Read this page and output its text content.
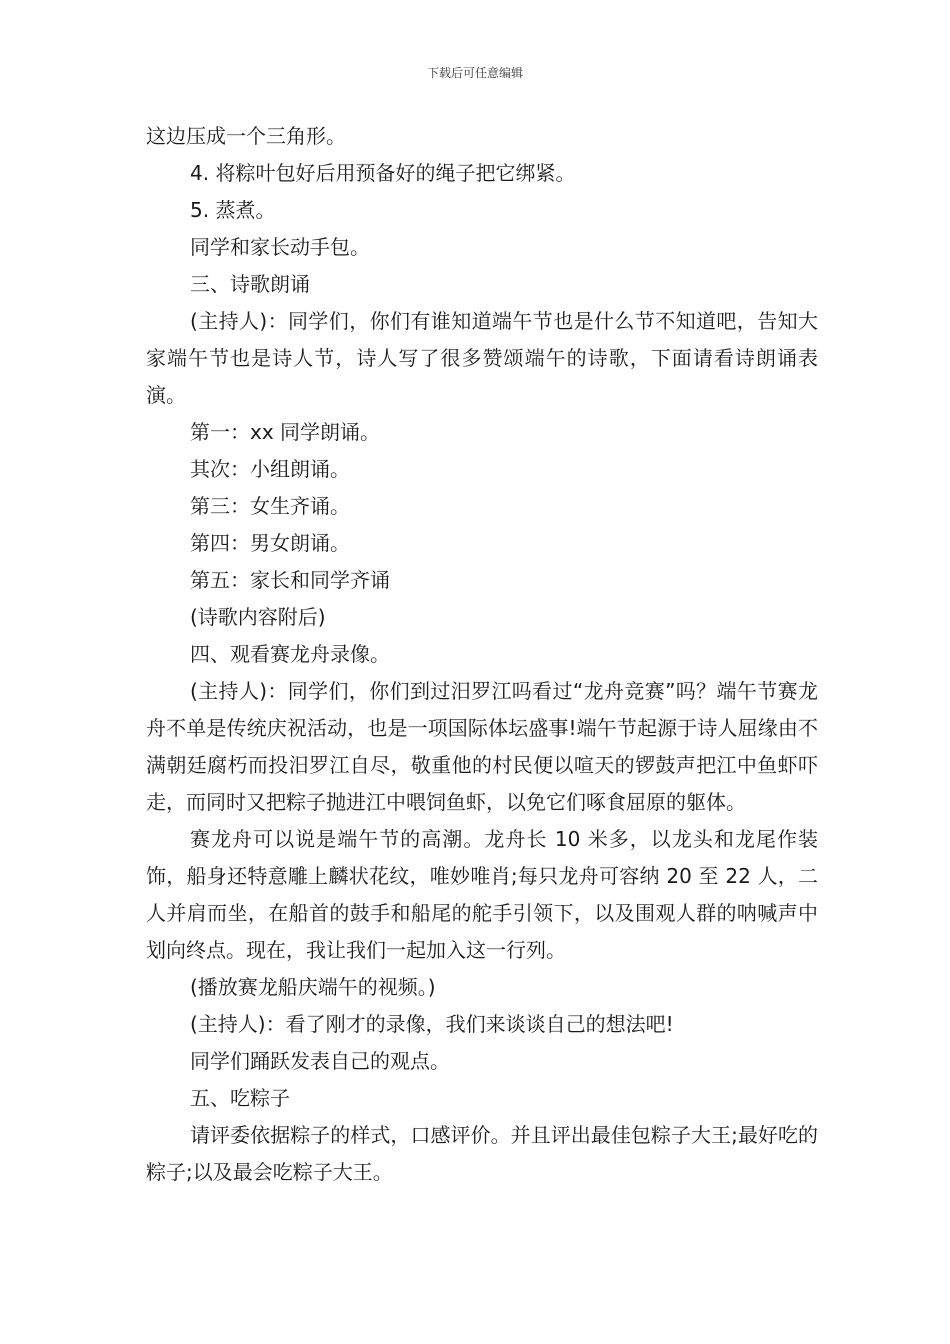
下载后可任意编辑

这边压成一个三角形。

4. 将粽叶包好后用预备好的绳子把它绑紧。

5. 蒸煮。

同学和家长动手包。

三、诗歌朗诵

(主持人)：同学们，你们有谁知道端午节也是什么节不知道吧，告知大家端午节也是诗人节，诗人写了很多赞颂端午的诗歌，下面请看诗朗诵表演。

第一：xx 同学朗诵。

其次：小组朗诵。

第三：女生齐诵。

第四：男女朗诵。

第五：家长和同学齐诵

(诗歌内容附后)

四、观看赛龙舟录像。

(主持人)：同学们，你们到过汨罗江吗看过“龙舟竞赛”吗？端午节赛龙舟不单是传统庆祝活动，也是一项国际体坛盛事!端午节起源于诗人屈缘由不满朝廷腐朽而投汨罗江自尽，敬重他的村民便以喧天的锣鼓声把江中鱼虾吓走，而同时又把粽子抛进江中喂饲鱼虾，以免它们啄食屈原的躯体。

赛龙舟可以说是端午节的高潮。龙舟长 10 米多，以龙头和龙尾作装饰，船身还特意雕上麟状花纹，唯妙唯肖;每只龙舟可容纳 20 至 22 人，二人并肩而坐，在船首的鼓手和船尾的舵手引领下，以及围观人群的呐喊声中划向终点。现在，我让我们一起加入这一行列。

(播放赛龙船庆端午的视频。)

(主持人)：看了刚才的录像，我们来谈谈自己的想法吧!

同学们踊跃发表自己的观点。

五、吃粽子

请评委依据粽子的样式，口感评价。并且评出最佳包粽子大王;最好吃的粽子;以及最会吃粽子大王。
